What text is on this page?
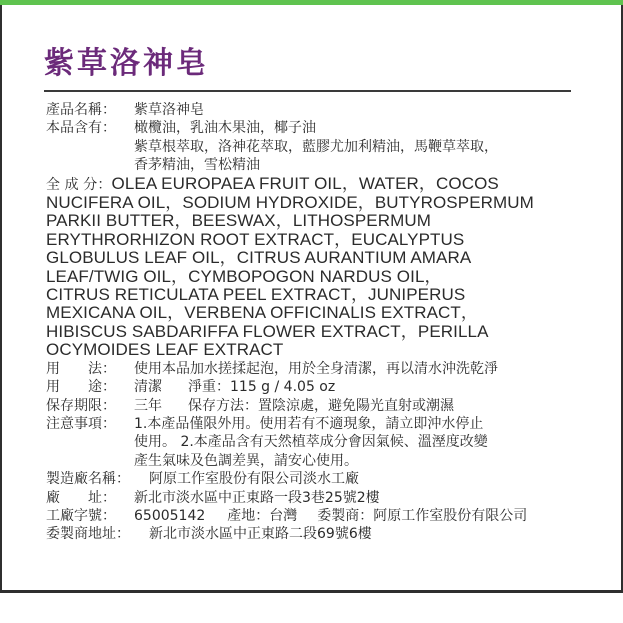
紫草洛神皂
產品名稱： 紫草洛神皂
本品含有： 橄欖油，乳油木果油，椰子油
紫草根萃取，洛神花萃取，藍膠尤加利精油，馬鞭草萃取，
香茅精油，雪松精油
全 成 分：OLEA EUROPAEA FRUIT OIL，WATER，COCOS
NUCIFERA OIL，SODIUM HYDROXIDE，BUTYROSPERMUM
PARKII BUTTER，BEESWAX，LITHOSPERMUM
ERYTHRORHIZON ROOT EXTRACT，EUCALYPTUS
GLOBULUS LEAF OIL，CITRUS AURANTIUM AMARA
LEAF/TWIG OIL，CYMBOPOGON NARDUS OIL，
CITRUS RETICULATA PEEL EXTRACT，JUNIPERUS
MEXICANA OIL，VERBENA OFFICINALIS EXTRACT，
HIBISCUS SABDARIFFA FLOWER EXTRACT，PERILLA
OCYMOIDES LEAF EXTRACT
用　　法： 使用本品加水搓揉起泡，用於全身清潔，再以清水沖洗乾淨
用　　途： 清潔 淨重：115 g / 4.05 oz
保存期限： 三年 保存方法：置陰涼處，避免陽光直射或潮濕
注意事項： 1.本產品僅限外用。使用若有不適現象，請立即沖水停止
使用。 2.本產品含有天然植萃成分會因氣候、溫溼度改變
產生氣味及色調差異，請安心使用。
製造廠名稱： 阿原工作室股份有限公司淡水工廠
廠　　址： 新北市淡水區中正東路一段3巷25號2樓
工廠字號： 65005142 產地：台灣 委製商：阿原工作室股份有限公司
委製商地址： 新北市淡水區中正東路二段69號6樓
